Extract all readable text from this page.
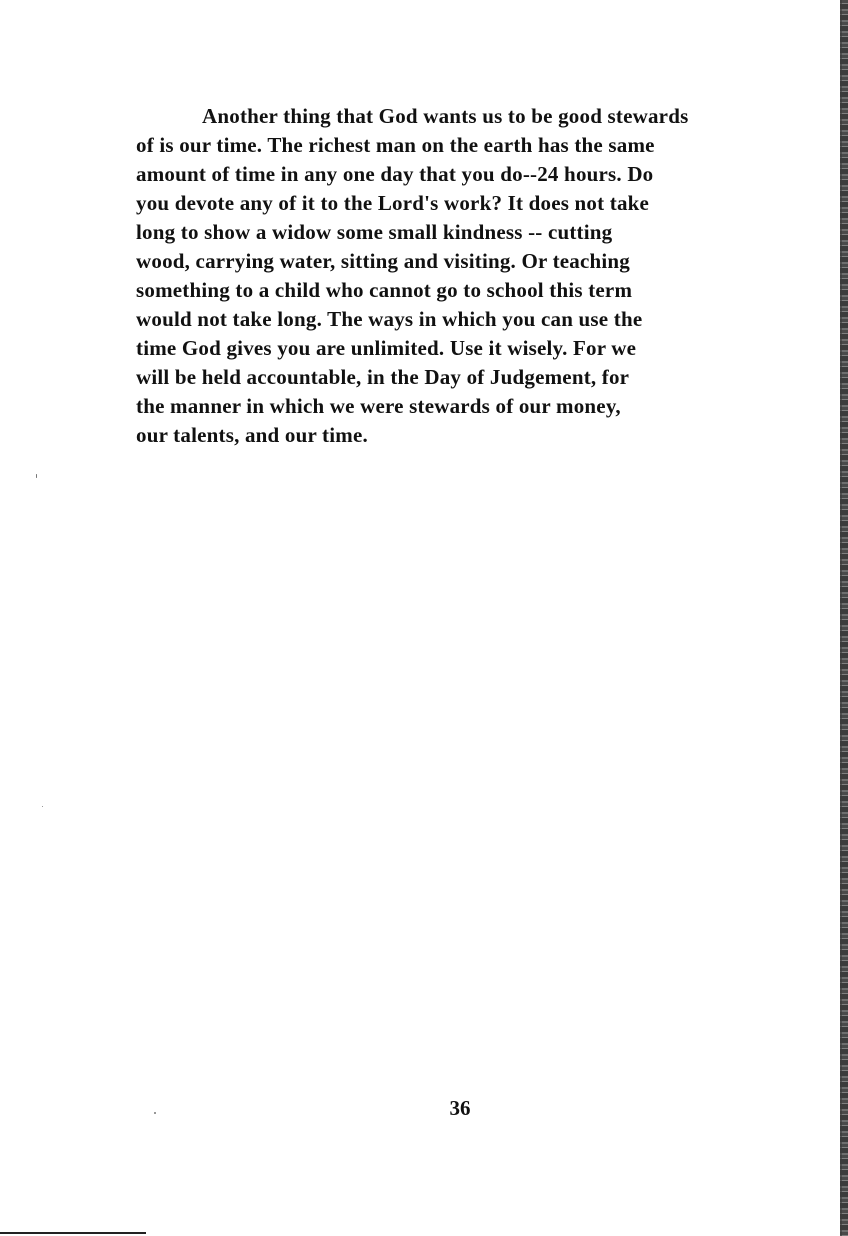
Another thing that God wants us to be good stewards
of is our time. The richest man on the earth has the same
amount of time in any one day that you do--24 hours. Do
you devote any of it to the Lord's work? It does not take
long to show a widow some small kindness -- cutting
wood, carrying water, sitting and visiting. Or teaching
something to a child who cannot go to school this term
would not take long. The ways in which you can use the
time God gives you are unlimited. Use it wisely. For we
will be held accountable, in the Day of Judgement, for
the manner in which we were stewards of our money,
our talents, and our time.
36
